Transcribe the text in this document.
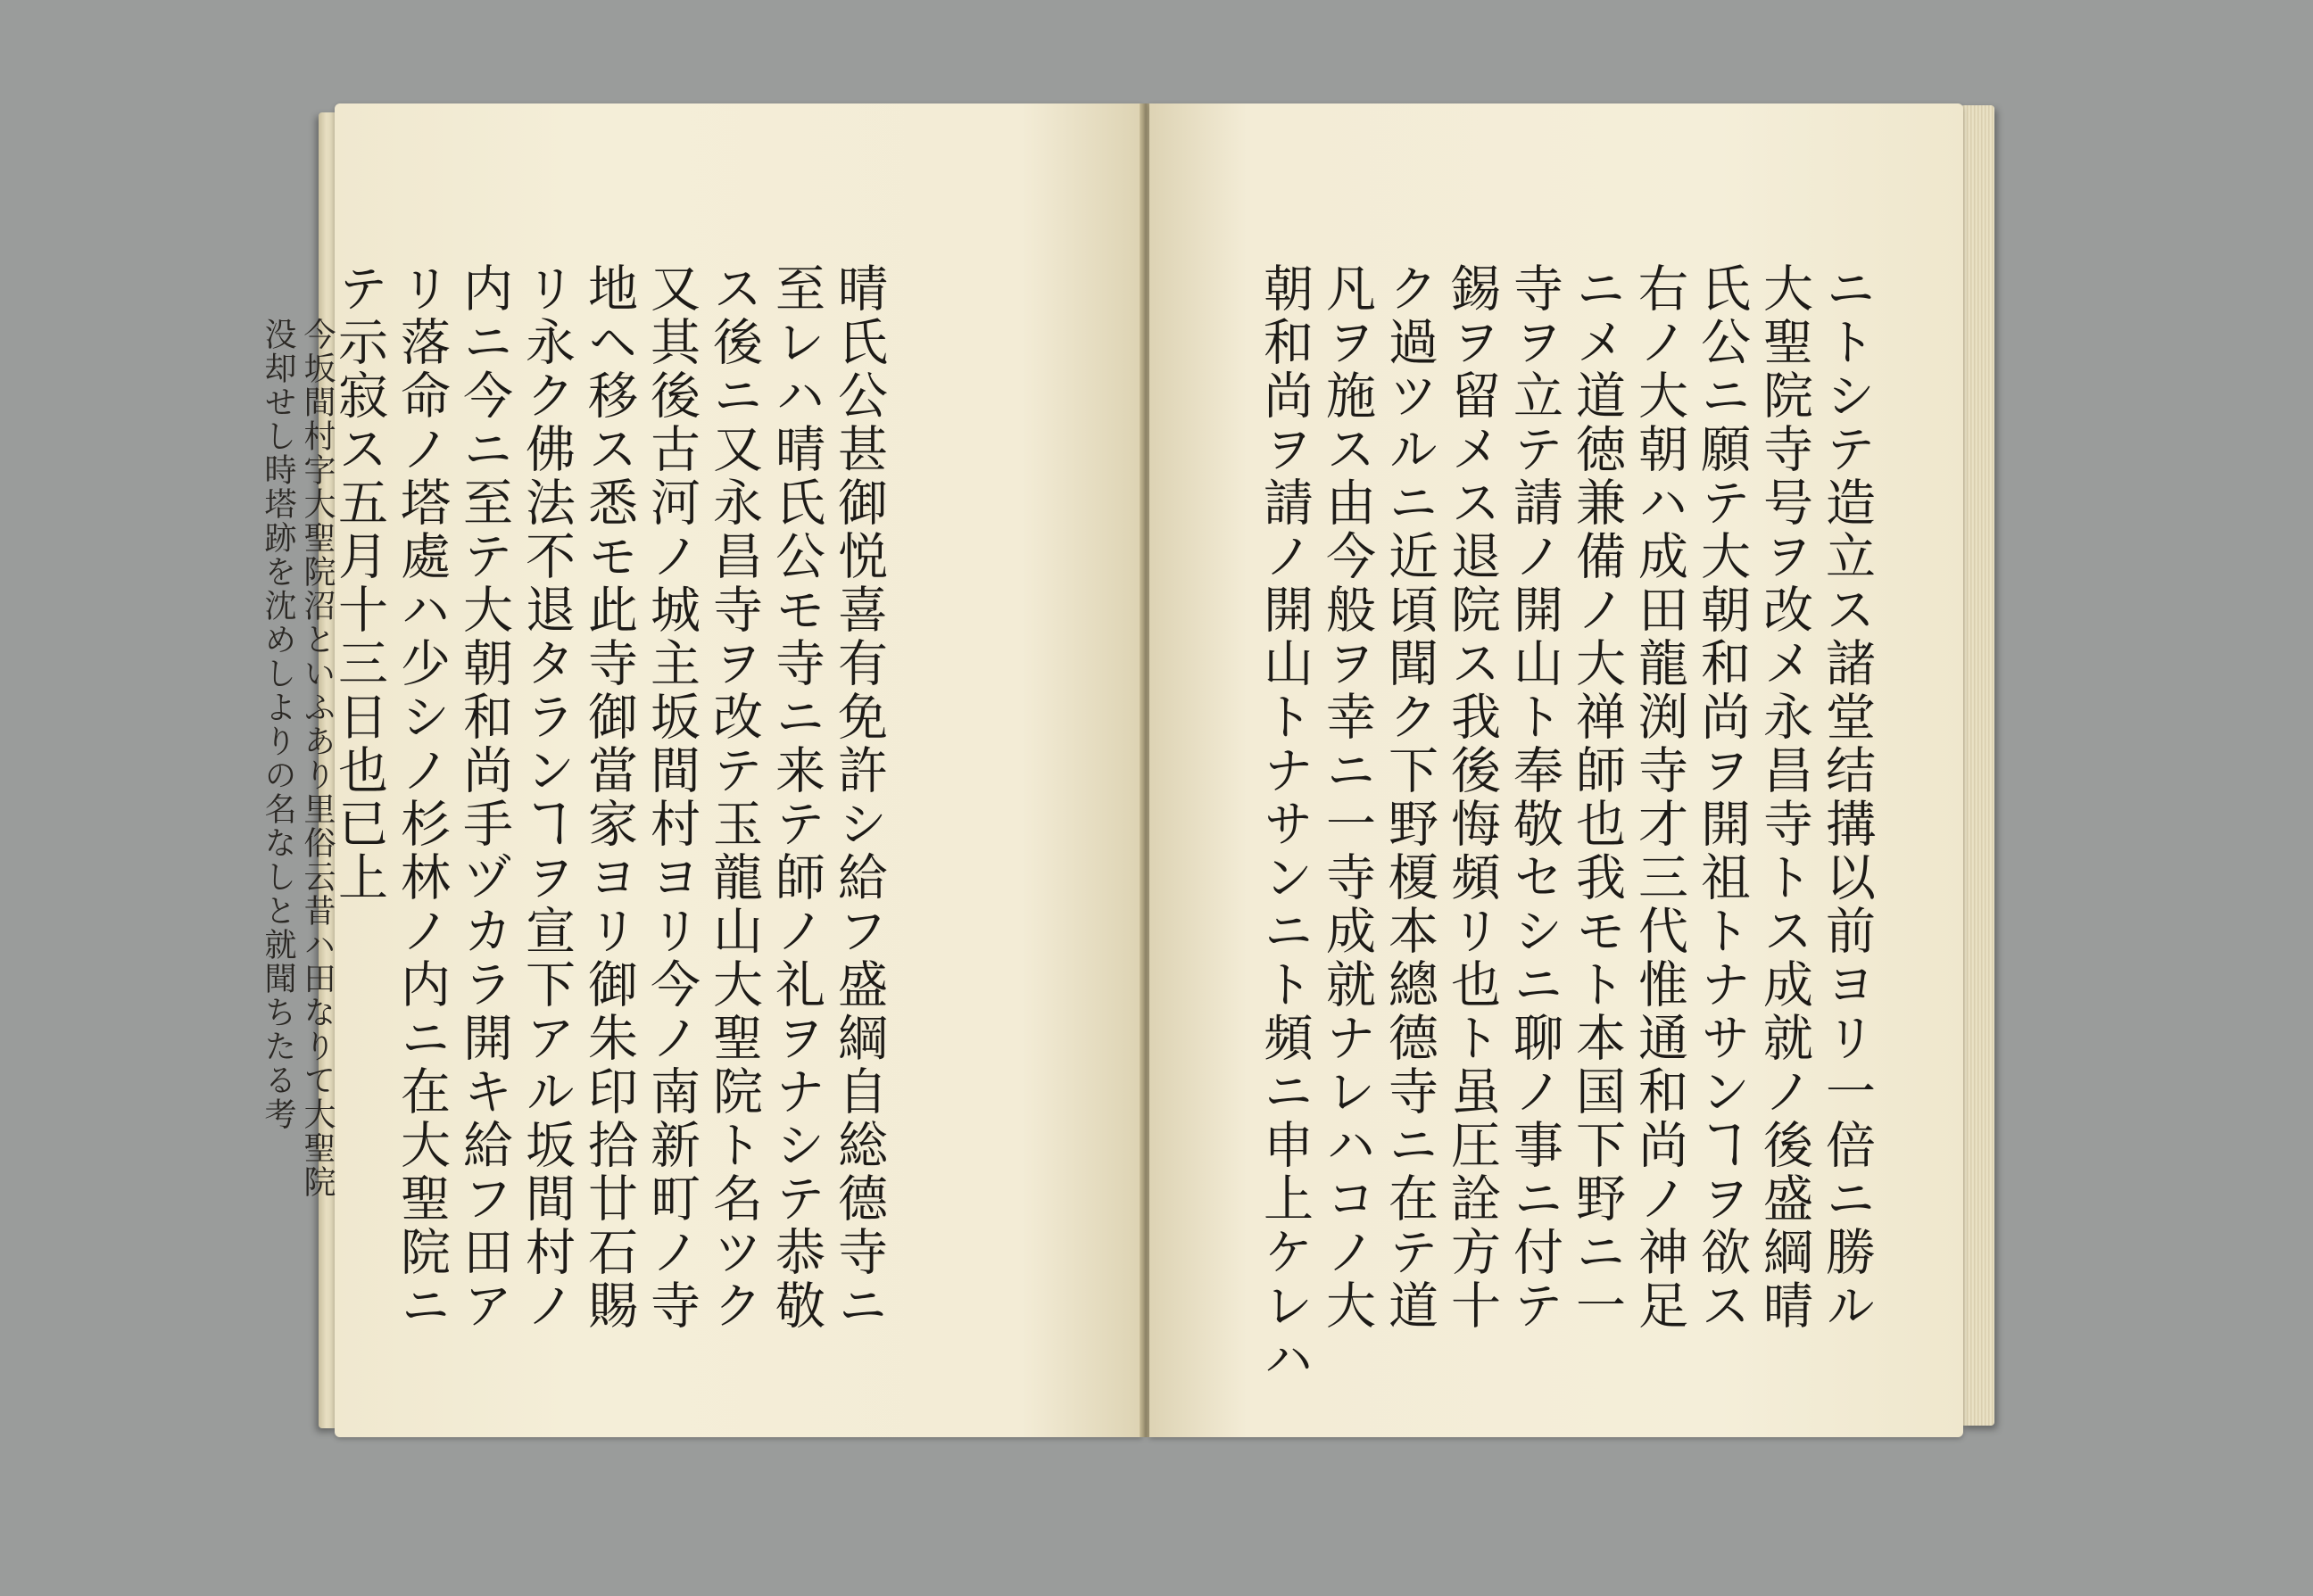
晴氏公甚御悦喜有免許シ給フ盛綱自総德寺ニ
至レハ晴氏公モ寺ニ来テ師ノ礼ヲナシテ恭敬
ス後ニ又永昌寺ヲ改テ玉龍山大聖院ト名ツク
又其後古河ノ城主坂間村ヨリ今ノ南新町ノ寺
地ヘ移ス悉モ此寺御當家ヨリ御朱印拾廿石賜
リ永ク佛法不退タランヿヲ宣下アル坂間村ノ
内ニ今ニ至テ大朝和尚手ヅカラ開キ給フ田ア
リ落命ノ塔處ハ少シノ杉林ノ内ニ在大聖院ニ
テ示寂ス五月十三日也已上
今坂間村字大聖院沼といふあり里俗云昔ハ田なりて大聖院
没却せし時塔跡を沈めしよりの名なしと就聞ちたる考	ニトシテ造立ス諸堂结搆以前ヨリ一倍ニ勝ル
大聖院寺号ヲ改メ永昌寺トス成就ノ後盛綱晴
氏公ニ願テ大朝和尚ヲ開祖トナサンヿヲ欲ス
右ノ大朝ハ成田龍渕寺才三代惟通和尚ノ神足
ニメ道徳兼備ノ大禅師也我モト本国下野ニ一
寺ヲ立テ請ノ開山ト奉敬セシニ聊ノ事ニ付テ
錫ヲ留メス退院ス我後悔頻リ也ト虽圧詮方十
ク過ツルニ近頃聞ク下野榎本總德寺ニ在テ道
凡ヲ施ス由今般ヲ幸ニ一寺成就ナレハコノ大
朝和尚ヲ請ノ開山トナサンニト頻ニ申上ケレハ
